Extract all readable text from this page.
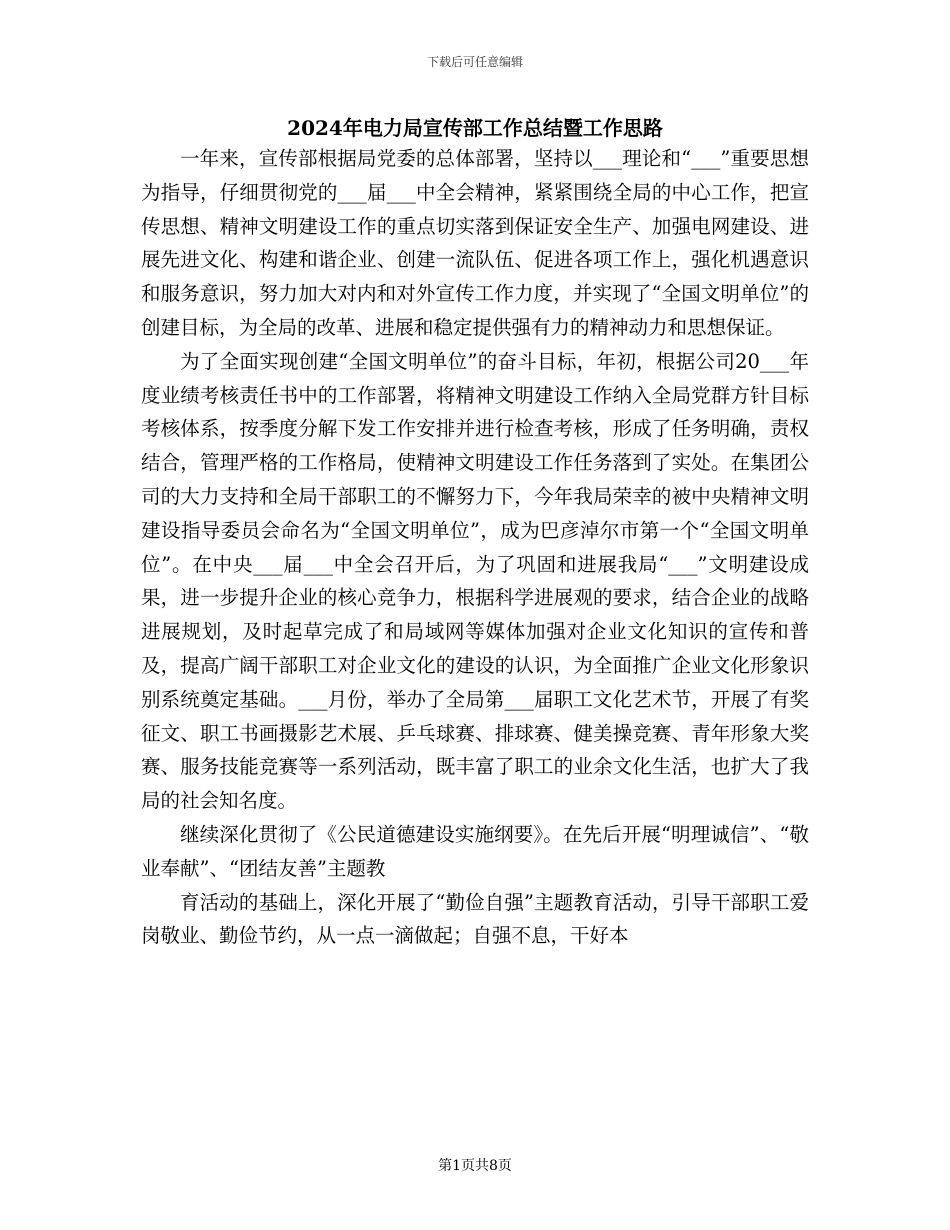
下载后可任意编辑
2024年电力局宣传部工作总结暨工作思路

一年来，宣传部根据局党委的总体部署，坚持以___理论和“___”重要思想为指导，仔细贯彻党的___届___中全会精神，紧紧围绕全局的中心工作，把宣传思想、精神文明建设工作的重点切实落到保证安全生产、加强电网建设、进展先进文化、构建和谐企业、创建一流队伍、促进各项工作上，强化机遇意识和服务意识，努力加大对内和对外宣传工作力度，并实现了“全国文明单位”的创建目标，为全局的改革、进展和稳定提供强有力的精神动力和思想保证。

为了全面实现创建“全国文明单位”的奋斗目标，年初，根据公司20___年度业绩考核责任书中的工作部署，将精神文明建设工作纳入全局党群方针目标考核体系，按季度分解下发工作安排并进行检查考核，形成了任务明确，责权结合，管理严格的工作格局，使精神文明建设工作任务落到了实处。在集团公司的大力支持和全局干部职工的不懈努力下，今年我局荣幸的被中央精神文明建设指导委员会命名为“全国文明单位”，成为巴彦淖尔市第一个“全国文明单位”。在中央___届___中全会召开后，为了巩固和进展我局“___”文明建设成果，进一步提升企业的核心竞争力，根据科学进展观的要求，结合企业的战略进展规划，及时起草完成了和局域网等媒体加强对企业文化知识的宣传和普及，提高广阔干部职工对企业文化的建设的认识，为全面推广企业文化形象识别系统奠定基础。___月份，举办了全局第___届职工文化艺术节，开展了有奖征文、职工书画摄影艺术展、乒乓球赛、排球赛、健美操竞赛、青年形象大奖赛、服务技能竞赛等一系列活动，既丰富了职工的业余文化生活，也扩大了我局的社会知名度。

继续深化贯彻了《公民道德建设实施纲要》。在先后开展“明理诚信”、“敬业奉献”、“团结友善”主题教

育活动的基础上，深化开展了“勤俭自强”主题教育活动，引导干部职工爱岗敬业、勤俭节约，从一点一滴做起；自强不息，干好本

第1页共8页
